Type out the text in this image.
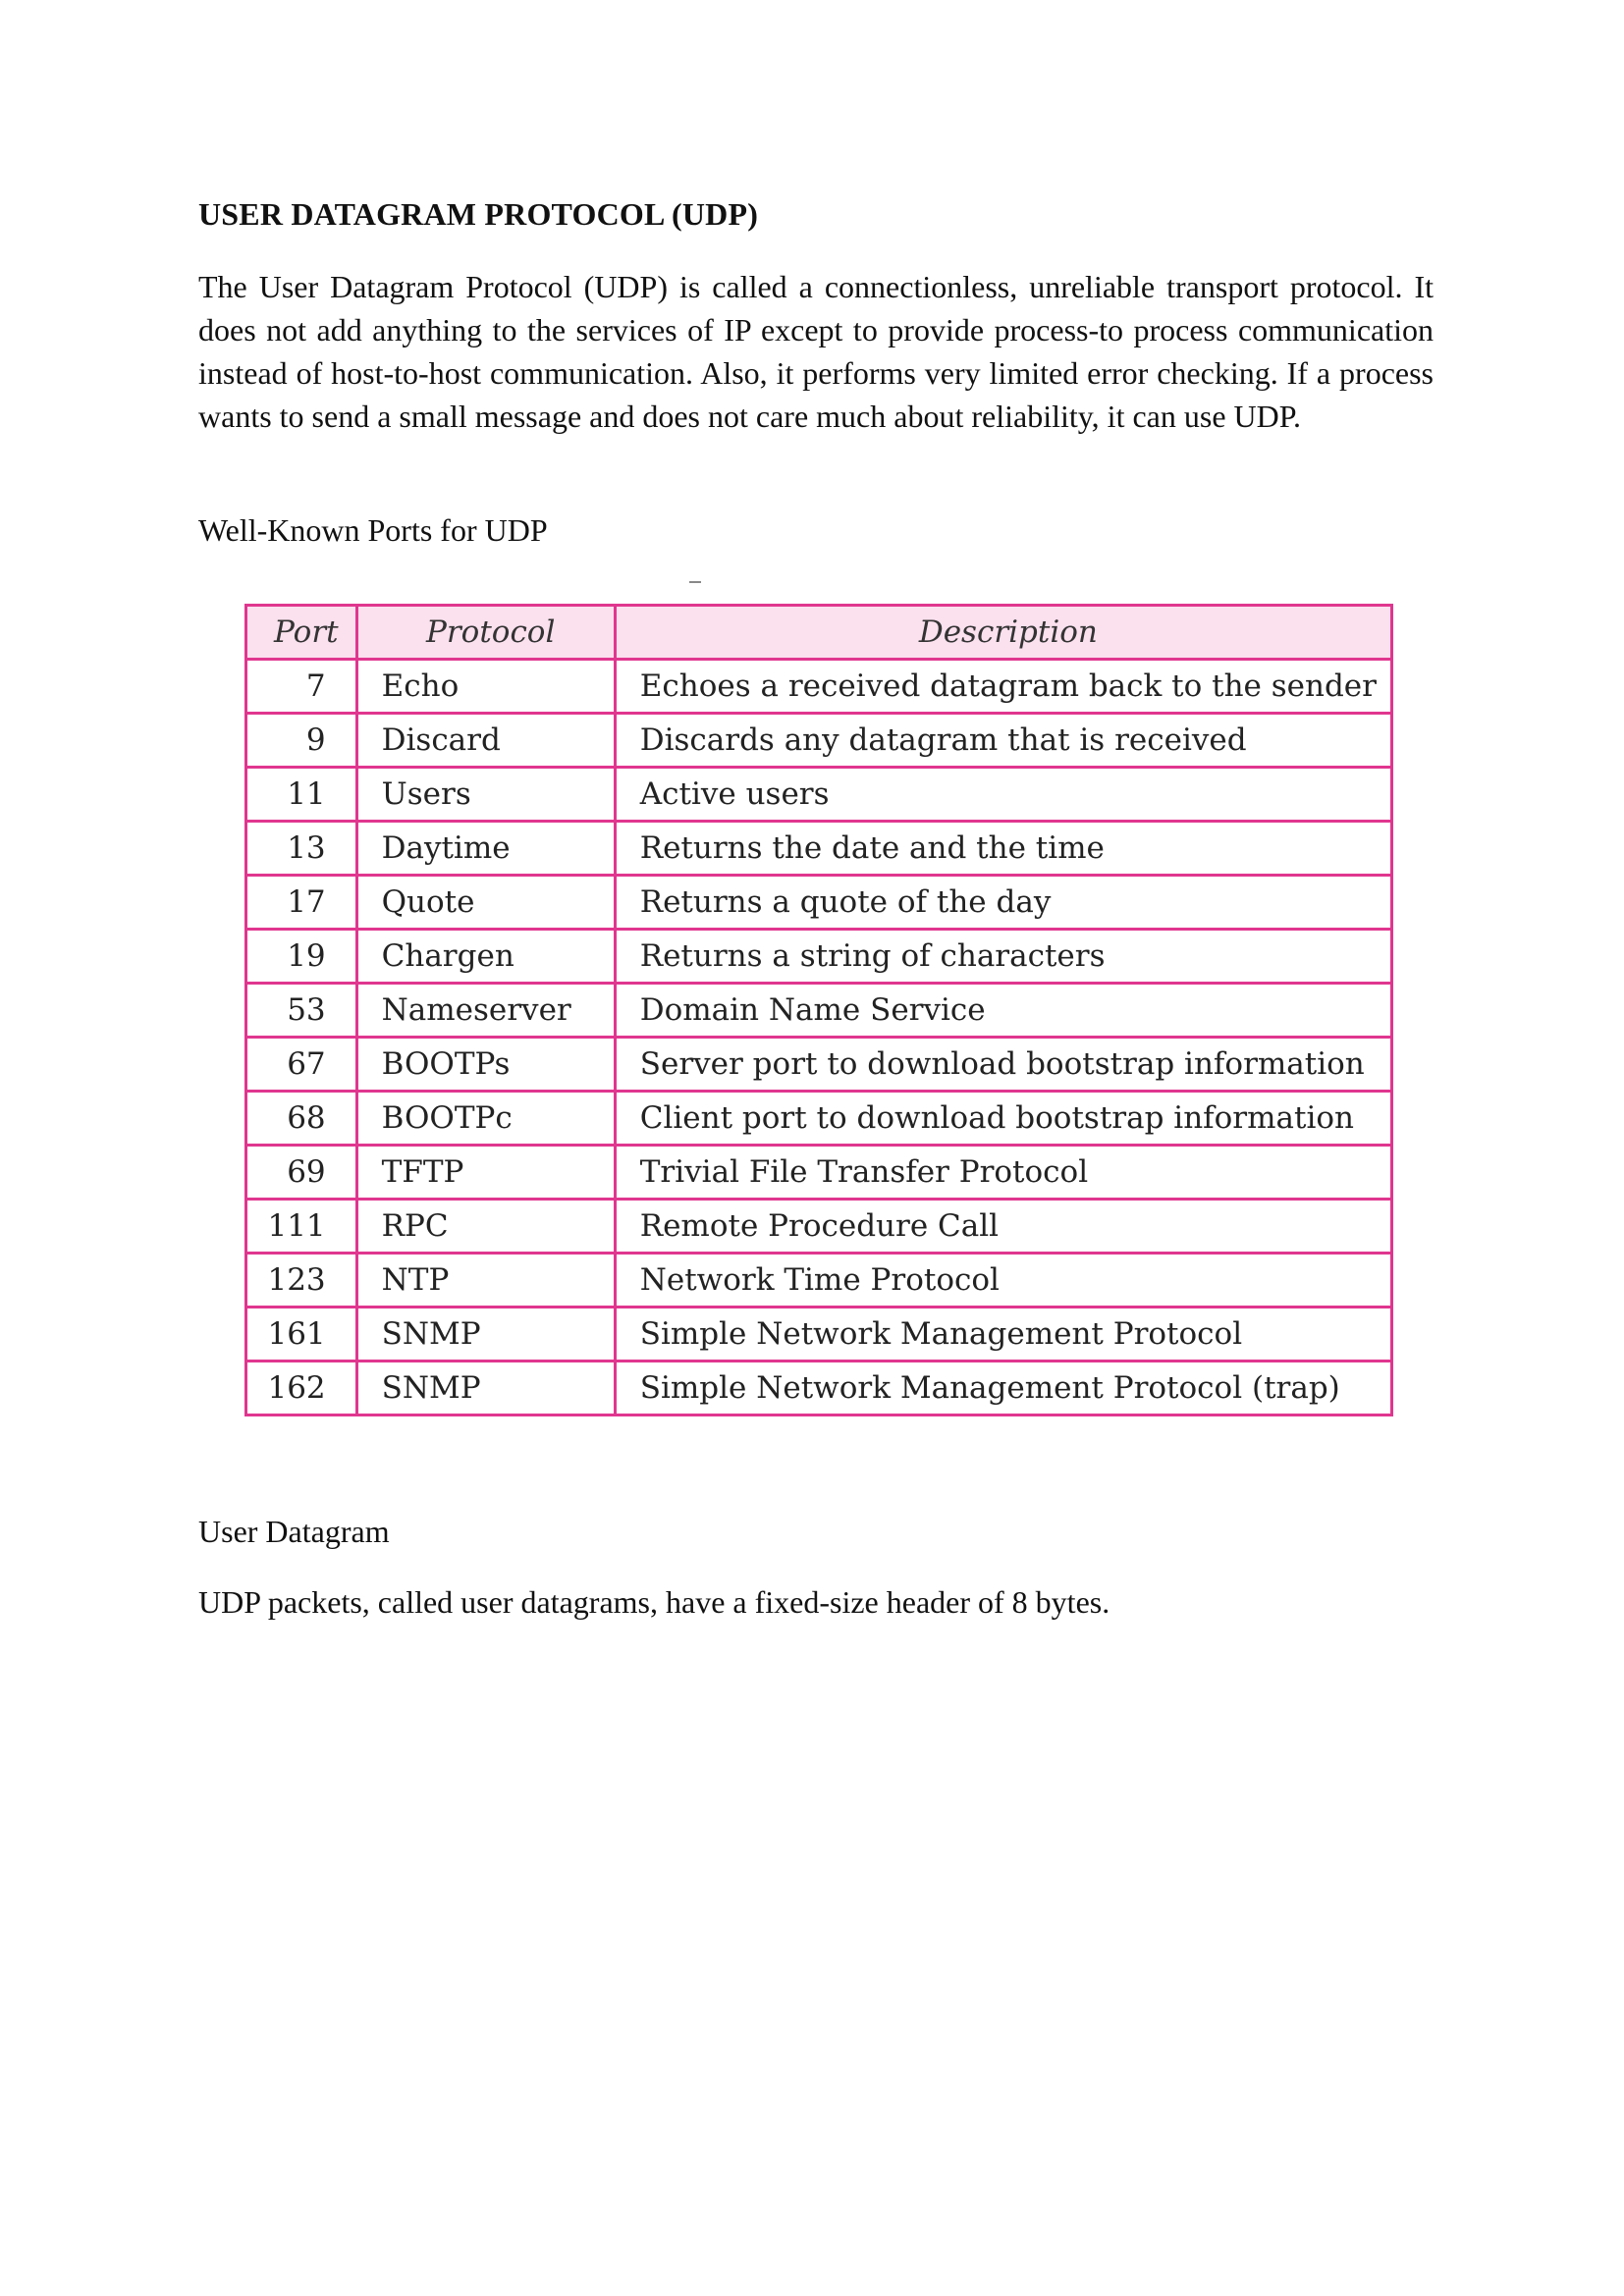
USER DATAGRAM PROTOCOL (UDP)
The User Datagram Protocol (UDP) is called a connectionless, unreliable transport protocol. It does not add anything to the services of IP except to provide process-to process communication instead of host-to-host communication. Also, it performs very limited error checking. If a process wants to send a small message and does not care much about reliability, it can use UDP.
Well-Known Ports for UDP
Port	Protocol	Description
7	Echo	Echoes a received datagram back to the sender
9	Discard	Discards any datagram that is received
11	Users	Active users
13	Daytime	Returns the date and the time
17	Quote	Returns a quote of the day
19	Chargen	Returns a string of characters
53	Nameserver	Domain Name Service
67	BOOTPs	Server port to download bootstrap information
68	BOOTPc	Client port to download bootstrap information
69	TFTP	Trivial File Transfer Protocol
111	RPC	Remote Procedure Call
123	NTP	Network Time Protocol
161	SNMP	Simple Network Management Protocol
162	SNMP	Simple Network Management Protocol (trap)
User Datagram
UDP packets, called user datagrams, have a fixed-size header of 8 bytes.
